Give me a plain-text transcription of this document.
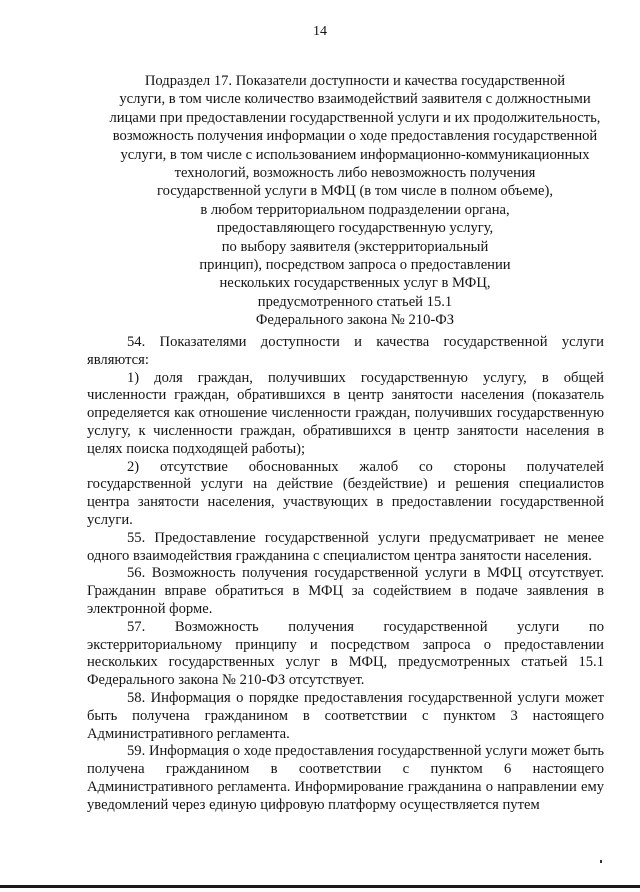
14
Подраздел 17. Показатели доступности и качества государственной
услуги, в том числе количество взаимодействий заявителя с должностными
лицами при предоставлении государственной услуги и их продолжительность,
возможность получения информации о ходе предоставления государственной
услуги, в том числе с использованием информационно-коммуникационных
технологий, возможность либо невозможность получения
государственной услуги в МФЦ (в том числе в полном объеме),
в любом территориальном подразделении органа,
предоставляющего государственную услугу,
по выбору заявителя (экстерриториальный
принцип), посредством запроса о предоставлении
нескольких государственных услуг в МФЦ,
предусмотренного статьей 15.1
Федерального закона № 210-ФЗ

54. Показателями доступности и качества государственной услуги являются:

1) доля граждан, получивших государственную услугу, в общей численности граждан, обратившихся в центр занятости населения (показатель определяется как отношение численности граждан, получивших государственную услугу, к численности граждан, обратившихся в центр занятости населения в целях поиска подходящей работы);

2) отсутствие обоснованных жалоб со стороны получателей государственной услуги на действие (бездействие) и решения специалистов центра занятости населения, участвующих в предоставлении государственной услуги.

55. Предоставление государственной услуги предусматривает не менее одного взаимодействия гражданина с специалистом центра занятости населения.

56. Возможность получения государственной услуги в МФЦ отсутствует. Гражданин вправе обратиться в МФЦ за содействием в подаче заявления в электронной форме.

57. Возможность получения государственной услуги по экстерриториальному принципу и посредством запроса о предоставлении нескольких государственных услуг в МФЦ, предусмотренных статьей 15.1 Федерального закона № 210-ФЗ отсутствует.

58. Информация о порядке предоставления государственной услуги может быть получена гражданином в соответствии с пунктом 3 настоящего Административного регламента.

59. Информация о ходе предоставления государственной услуги может быть получена гражданином в соответствии с пунктом 6 настоящего Административного регламента. Информирование гражданина о направлении ему уведомлений через единую цифровую платформу осуществляется путем
